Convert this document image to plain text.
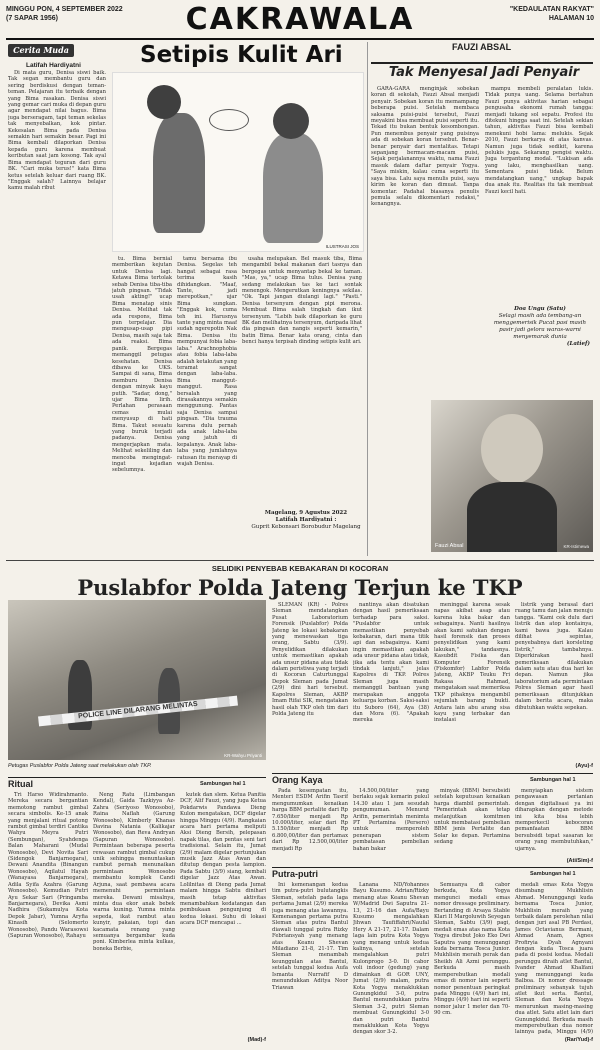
MINGGU PON, 4 SEPTEMBER 2022
(7 SAPAR 1956)	CAKRAWALA	"KEDAULATAN RAKYAT"
HALAMAN 10
Cerita Muda	Setipis Kulit Ari
Latifah Hardiyatni
ILUSTRASI JOS

Di mata guru, Denisa siswi baik. Tak segan membantu guru dan sering berdiskusi dengan teman-teman. Pelajaran itu terbaik dengan yang Bima rasakan. Denisa siswi yang gemar cari muka di depan guru agar mendapat nilai bagus. Bima juga berseragam, tapi teman sekelas tak menyebalkan, kok pintar. Kekesalan Bima pada Denisa semakin hari semakin besar. Pagi ini Bima kembali dilaporkan Denisa kepada guru karena membuat keributan saat jam kosong. Tak ayal Bima mendapat teguran dari guru BK. "Cari muka terus!" kata Bima ketus setelah keluar dari ruang BK. "Enggak salah? Lainnya belajar kamu malah ribut

tu. Bima bernial memberikan kejutan untuk Denisa lagi. Ketawa Bima tertolak sebab Denisa tiba-tiba jatuh pingsan. "Tidak usah akting!" ucap Bima menatap sinis Denisa. Melihat tak ada respons, Bima pun terpelajar. Dia mengusap-usap pipi Denisa, masih saja tak ada reaksi. Bima panik. Bergegas memanggil petugas kesehatan. Denisa dibawa ke UKS. Sampai di sana, Bima memburu Denisa dengan minyak kayu putih. "Sadar, dong," ujar Bima lirih. Perlahan perasaan cemas mulai menyusup di hati Bima. Takut sesuatu yang buruk terjadi padanya. Denisa mengerjapkan mata. Melihat sekeliling dan mencoba mengingat-ingat kejadian sebelumnya.

tamu bersama ibu Denisa. Segelas teh hangat sebagai rasa terima kasih dihidangkan. "Maaf, Tante, jadi merepotkan," ujar Bima sungkan. "Enggak kok, cuma teh ini. Harusnya tante yang minta maaf sudah ngerepotin Nak Bima. Denisa itu mempunyai fobia laba-laba." Arachnophobia atau fobia laba-laba adalah ketakutan yang teramat sangat dengan laba-laba. Bima manggut-manggut. Rasa bersalah yang dirasakannya semakin menggunung. Pantas saja Denisa sampai pingsan. "Dia trauma karena dulu pernah ada anak laba-laba yang jatuh di kepalanya. Anak laba-laba yang jumlahnya ratusan itu merayap di wajah Denisa.

usaha melupakan. Bel masuk tiba, Bima mengambil bekal makanan dari tasnya dan bergegas untuk menyantap bekal ke taman. "Mas, ya," ucap Bima tulus. Denisa yang sedang melakukan tas ke taci sontak menengok. Mengerutkan keningnya sekilas. "Ok. Tapi jangan diulangi lagi." "Pasti." Denisa tersenyum dengan pipi merona. Membuat Bima salah tingkah dan ikut tersenyum. "Lebih baik dilaporkan ke guru BK dan melihatnya tersenyum, daripada lihat dia pingsan dan nangis seperti kemarin," batin Bima. Benar kata orang, cinta dan benci hanya terpisah dinding setipis kulit ari.

Magelang, 9 Agustus 2022
Latifah Hardiyatni :
Guprit Kebonsari Borobudur Magelang
FAUZI ABSAL
Tak Menyesal Jadi Penyair

GARA-GARA menginjak sobekan koran di sekolah, Fauzi Absal menjadi penyair. Sobekan koran itu memampang beberapa puisi. Setelah membaca saksama puisi-puisi tersebut, Fauzi meyakini bisa membuat puisi seperti itu. Tekad itu bukan bentuk kesombongan. Pun menembus penyair yang puisinya ada di sobekan koran tersebut. Benar-benar penyair dari mentalitas. Tetapi sepanjang bermacam-macam puisi, Sejak perjalanannya waktu, nama Fauzi masuk dalam daftar penyair Yogya. "Saya miskin, kalau cuma seperti itu saya bisa. Lalu saya menulis puisi, saya kirim ke koran dan dimuat. Tanpa komentar. Padahal biasanya penulis pemula selalu dikomentari redaksi," kenangnya.

mampu membeli peralatan lukis. Tidak punya uang. Selama bertahun Fauzi punya aktivitas harian sebagai pengusaha ekonomi rumah tangga: menjadi tukang sol sepatu. Profesi itu ditekuni hingga saat ini. Setelah sekian tahun, aktivitas Fauzi bisa kembali menekuni hobi lama: melukis. Sejak 2010, Fauzi berkarya di atas kanvas. Namun juga tidak sedikit, karena pelukis juga. Sekarang pengisi waktu. Juga tergantung modal. "Lukisan ada yang laku, menghasilkan uang. Sementara puisi tidak. Belum mendatangkan uang," ungkap bapak dua anak itu. Realitas itu tak membuat Fauzi kecil hati.

Doa Ungu (Satu)
Selagi masih ada tembang-an menggemerisik Pucat pasi masih pasir jadi gelora waras-warni menyemarak dunia
(Latief)
Fauzi Absal	KR-Istimewa
SELIDIKI PENYEBAB KEBAKARAN DI KOCORAN
Puslabfor Polda Jateng Terjun ke TKP
POLICE LINE DILARANG MELINTAS
KR-Wahyu Priyanti
Petugas Puslabfor Polda Jateng saat melakukan olah TKP.

SLEMAN (KR) - Polres Sleman mendatangkan Pusat Laboratorium Forensik (Puslabfor) Polda Jateng ke lokasi kebakaran yang menewaskan tiga orang, Sabtu (3/9). Penyelidikan dilakukan untuk memastikan apakah ada unsur pidana atau tidak dalam peristiwa yang terjadi di Kocoran Caturtunggal Depok Sleman pada Jumat (2/9) dini hari tersebut. Kapolres Sleman, AKBP Imam Rifai SIK, mengatakan hasil olah TKP oleh tim dari Polda Jateng itu

nantinya akan disatukan dengan hasil pemeriksaan terhadap para saksi. "Puslabfor untuk memastikan penyebab kebakaran, dari mana titik api dan sebagainya. Kami ingin memastikan apakah ada unsur pidana atau tidak, jika ada tentu akan kami tindak lanjuti," jelas Kapolres di TKP. Polres Sleman juga masih memanggil bantuan yang merupakan anggota keluarga korban. Saksi-saksi itu Suboro (64), Aya (38) dan Mora (6). "Apakah mereka

meninggal karena sesak napas akibat asap atau karena luka bakar dan sebagainya. Nanti hasilnya akan kami satukan dengan hasil forensik dan proses penyelidikan yang kami lakukan," tandasnya. Kasubdit Fisika dan Komputer Forensik (Fiskomfor) Labfor Polda Jateng, AKBP Teuku Fri Rakasa Rahmad, mengatakan saat memeriksa TKP pihaknya mengambil sejumlah barang bukti. Antara lain abu arang sisa kayu yang terbakar dan instalasi

listrik yang berasal dari ruang tamu dan jalan menuju tangga. "Kami cek dulu dari listrik dan atop kontainya, kami bawa juga. Kalau dilihat sepintas, penyebabnya dari korsleting listrik," tambahnya. Diperkirakan hasil pemeriksaan dilakukan dalam satu atau dua hari ke depan. Namun jika laboratorium ada permintaan Polres Sleman agar hasil pemeriksaan ditunjukkan dalam berita acara, maka dibutuhkan waktu sepekan.

(Ayu)-f
Orang Kaya	Sambungan hal 1

Pada kesempatan itu, Menteri ESDM Arifin Tasrif mengumumkan kenaikan harga BBM pertalite dari Rp 7.650/liter menjadi Rp 10.000/liter, solar dari Rp 5.150/liter menjadi Rp 6.800,00/liter dan pertamax dari Rp 12.500,00/liter menjadi Rp

14.500,00/liter yang berlaku sejak kemarin pukul 14.30 atau 1 jam sesudah pengumuman. Menurut Arifin, pemerintah menimta PT Pertamina (Persero) untuk memperoleh penerapan sistem pembatasan pembelian bahan bakar

minyak (BBM) bersubsidi setelah keputusan kenaikan harga diambil pemerintah. "Pemerintah akan tetap melanjutkan komitmen untuk membatasi pembelian BBM jenis Pertalite dan Solar ke depan. Pertamina sedang

menyiapkan sistem pengawasan pertanian dengan digitalisasi ya ini diharapkan dengan metode ini kita bisa lebih memperkecil kebocoran pemanfaatan BBM bersubsidi tepat sasaran ke orang yang membutuhkan," ujarnya.

(Ati/Sim)-f
Putra-putri	Sambungan hal 1

Ini kemenangan kedua tim putra-putri bulutangkis Sleman, setelah pada laga pertama Jumat (2/9) mereka juga menang atas lawannya. Kemenangan pertama putra Sleman atas putra Bantul diawali tunggal putra Rizky Febriansyah yang menang atas Keanu Shevan Miladiano 21-8, 21-17. Tim Sleman menambah keunggulan atas Bantul, setelah tunggal kedua Aufa Ismanta Nurrafif D menundukkan Aditya Noor Triawan

Lanana ND/Yohannes Bayu Kusumo. Adrian/Rizky menang atas Keanu Shevan W/Madrid Dwi Saputra 21-13, 21-16 dan Aufa/Bayu Kusumo mengalahkan Jihwan Taufiffahri/Naufal Hery A 21-17, 21-17. Dalam laga lain putra Kota Yogya yang menang untuk kedua kalinya, setelah mengalahkan putri Kulonprogo 3-0. Di cabor voli indoor (gedung) yang dimainkan di GOR UNY, Jumat (2/9) malam, putra Kota Yogya menaklukkan Gunungkidul 3-0, putra Bantul menundukkan putra Sleman 3-2, putri Sleman membuat Gunungkidul 3-0 dan putri Bantul menaklukkan Kota Yogya dengan skor 3-2.

Semuanya di cabor berkuda, Kota Yogya mengunci medali emas nomor dressage preliminary. Bertanding di Arsaya Stable Klari II Margoluwih Seyegan Sleman, Sabtu (3/9) pagi, medali emas atas nama Kota Yogya direbut Joko Eko Dwi Saputra yang menunggangi kuda bernama Tosca Junior. Mukhlisin meraih perak dan Sheikh Ali Azmi perunggu. Berkuda masih memperebutkan medali emas di nomor lain seperti nomor penentuan peringkat pada Minggu (4/9) hari ini, Minggu (4/9) hari ini seperti nomor jalur 1 meter dan 70-90 cm.

medali emas Kota Yogya disumbang Mukhlisin Ahmad. Menunggangi kuda bernama Tosca Junior, Mukhlisin meraih yang terbaik dalam perolehan nilai dengan juri asal PB Perdasi, James Octavianus Bermani, Ahmad Anam, Agnes Profiryia Dyah Agnyani dengan kuda Tosca juara pada di posisi kedua. Medali perunggu diraih atlet Bantul, Ivander Ahmad Khalfani yang menunggangi kuda Balboa. Di nomor dressage preliminary sebanyak tujuh atlet ikut serta. Bantul, Sleman dan Kota Yogya menurunkan masing-masing dua atlet. Satu atlet lain dari Gunungkidul. Berkuda masih memperebutkan dua nomor lainnya pada, Minggu (4/9)

(Rar/Yud)-f
Ritual	Sambungan hal 1

Tri Harso Widirahmanto. Mereka secara bergantian memotong rambut gimbal secara simbolis. Ke-15 anak yang menjalani ritual potong rambut gimbal terdiri Cantika Wahyu Meyra Putri (Sembungan), Syahdenga Balan Maharani (Mudal Wonosobo), Devi Novita Sari (Sidengok Banjarnegara), Dewani Anandita (Binangun Wonosobo), Aqilatul Hayah (Wanayasa Banjarnegara), Adila Syifa Azahra (Garung Wonosobo). Kemudian Putri Ayu Sekar Sari (Pringamba Banjarnegara), Devika Asmi Nadhira (Sukamulya Kota Depok Jabar), Yumna Aryfia Kinasih (Selomerto Wonosobo), Pandu Warasowsi (Sapuran Wonosobo), Rahayu

Neng Ratu (Limbangan Kendal), Gaida Tazkiyya Az-Zahra (Seriyoso Wonosobo), Raina Naflah (Garung Wonosobo), Kimberly Khanas Davina Natania (Kalikajar Wonosobo), dan Reva Andryan (Sapuran Wonosobo). Permintaan beberapa peserta rewasan rambut gimbal cukup unik sehingga menuntaskan rambut pernah menunaikan permintaan Wonosobo membantu komplek Candi Arjuna, saat pembawa acara memenuhi permintaan mereka. Dewani misalnya, minta dua ekor anak bebek warna kuning. Yumna minta sepeda, ikat rambut atau kunyir, pakaian, topi dan kacamata renang yang semuanya bergambar kuda poni. Kimberlea minta kulkas, boneka Berbie,

kutek dan slem. Ketua Panitia DCF, Alif Fauzi, yang juga Ketua Pokdarwis Pandawa Dieng Kulon mengatakan, DCF digelar hingga Minggu (4/9). Rangkaian acara hari pertama meliputi Aksi Dieng Bersih, pelepasan napak tilas, dan pentas seni tari tradisional. Selain itu, Jumat (2/9) malam digelar pertunjukan musik Jazz Atas Awan dan ditutup dengan pesta lampion. Pada Sabtu (3/9) siang, kembali digelar Jazz Atas Awan. Lolilnitas di Dieng pada Jumat malam hingga Sabtu dinihari masih tetap aktivitas menambahkan kedatangan dan pembukaan pengunjung di kedua lokasi. Suhu di lokasi acara DCF mencapai ...

(Mad)-f
